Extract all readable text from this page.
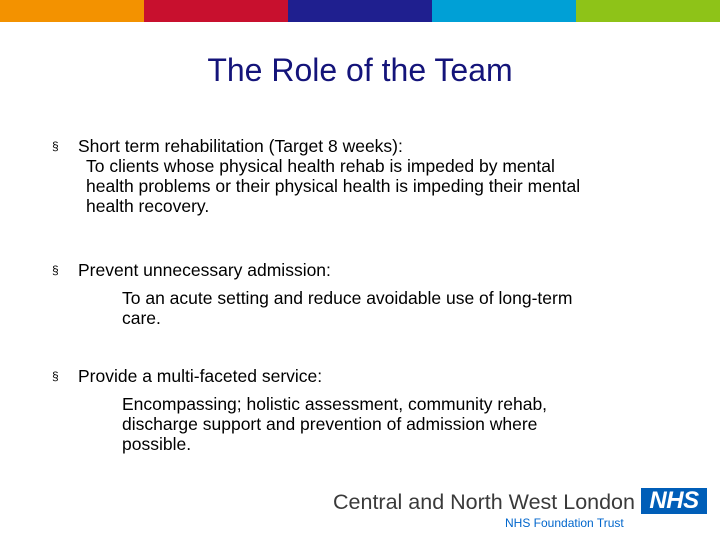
The Role of the Team
§ Short term rehabilitation (Target 8 weeks):
To clients whose physical health rehab is impeded by mental
health problems or their physical health is impeding their mental
health recovery.
§ Prevent unnecessary admission:
To an acute setting and reduce avoidable use of long-term
care.
§ Provide a multi-faceted service:
Encompassing; holistic assessment, community rehab,
discharge support and prevention of admission where
possible.
Central and North West London
NHS Foundation Trust
NHS
